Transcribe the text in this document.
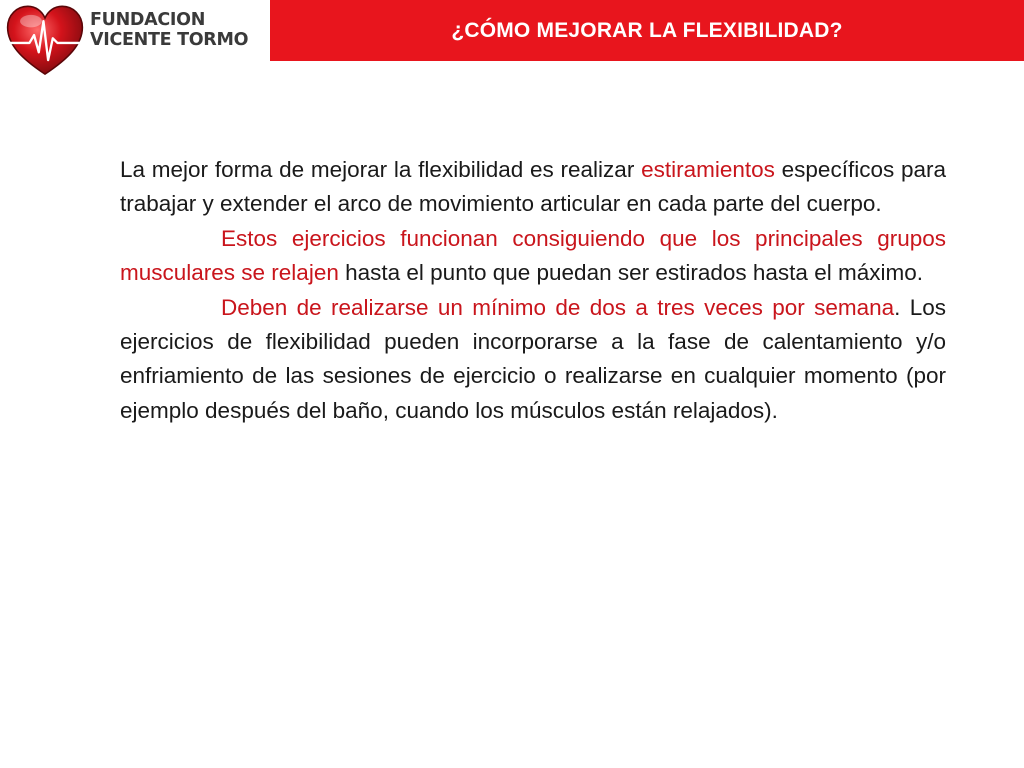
FUNDACION
VICENTE TORMO	¿CÓMO MEJORAR LA FLEXIBILIDAD?

La mejor forma de mejorar la flexibilidad es realizar estiramientos específicos para trabajar y extender el arco de movimiento articular en cada parte del cuerpo.

Estos ejercicios funcionan consiguiendo que los principales grupos musculares se relajen hasta el punto que puedan ser estirados hasta el máximo.

Deben de realizarse un mínimo de dos a tres veces por semana. Los ejercicios de flexibilidad pueden incorporarse a la fase de calentamiento y/o enfriamiento de las sesiones de ejercicio o realizarse en cualquier momento (por ejemplo después del baño, cuando los músculos están relajados).
